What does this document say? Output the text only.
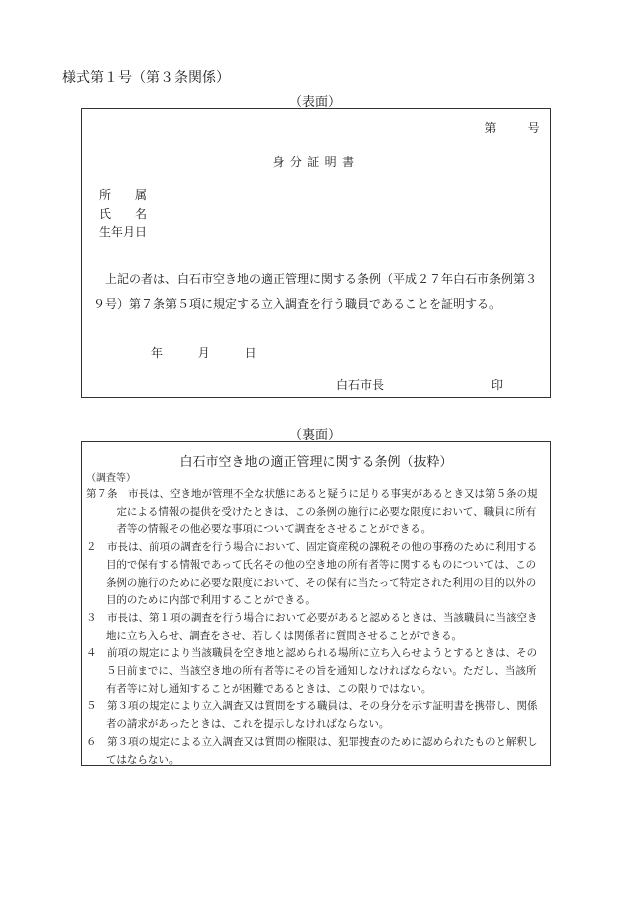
様式第１号（第３条関係）
（表面）
第　　号
身分証明書
所　　属
氏　　名
生年月日
上記の者は、白石市空き地の適正管理に関する条例（平成２７年白石市条例第３９号）第７条第５項に規定する立入調査を行う職員であることを証明する。
年　　月　　日
白石市長	印
（裏面）
白石市空き地の適正管理に関する条例（抜粋）
（調査等）

第７条　市長は、空き地が管理不全な状態にあると疑うに足りる事実があるとき又は第５条の規定による情報の提供を受けたときは、この条例の施行に必要な限度において、職員に所有者等の情報その他必要な事項について調査をさせることができる。

２　市長は、前項の調査を行う場合において、固定資産税の課税その他の事務のために利用する目的で保有する情報であって氏名その他の空き地の所有者等に関するものについては、この条例の施行のために必要な限度において、その保有に当たって特定された利用の目的以外の目的のために内部で利用することができる。

３　市長は、第１項の調査を行う場合において必要があると認めるときは、当該職員に当該空き地に立ち入らせ、調査をさせ、若しくは関係者に質問させることができる。

４　前項の規定により当該職員を空き地と認められる場所に立ち入らせようとするときは、その５日前までに、当該空き地の所有者等にその旨を通知しなければならない。ただし、当該所有者等に対し通知することが困難であるときは、この限りではない。

５　第３項の規定により立入調査又は質問をする職員は、その身分を示す証明書を携帯し、関係者の請求があったときは、これを提示しなければならない。

６　第３項の規定による立入調査又は質問の権限は、犯罪捜査のために認められたものと解釈してはならない。
